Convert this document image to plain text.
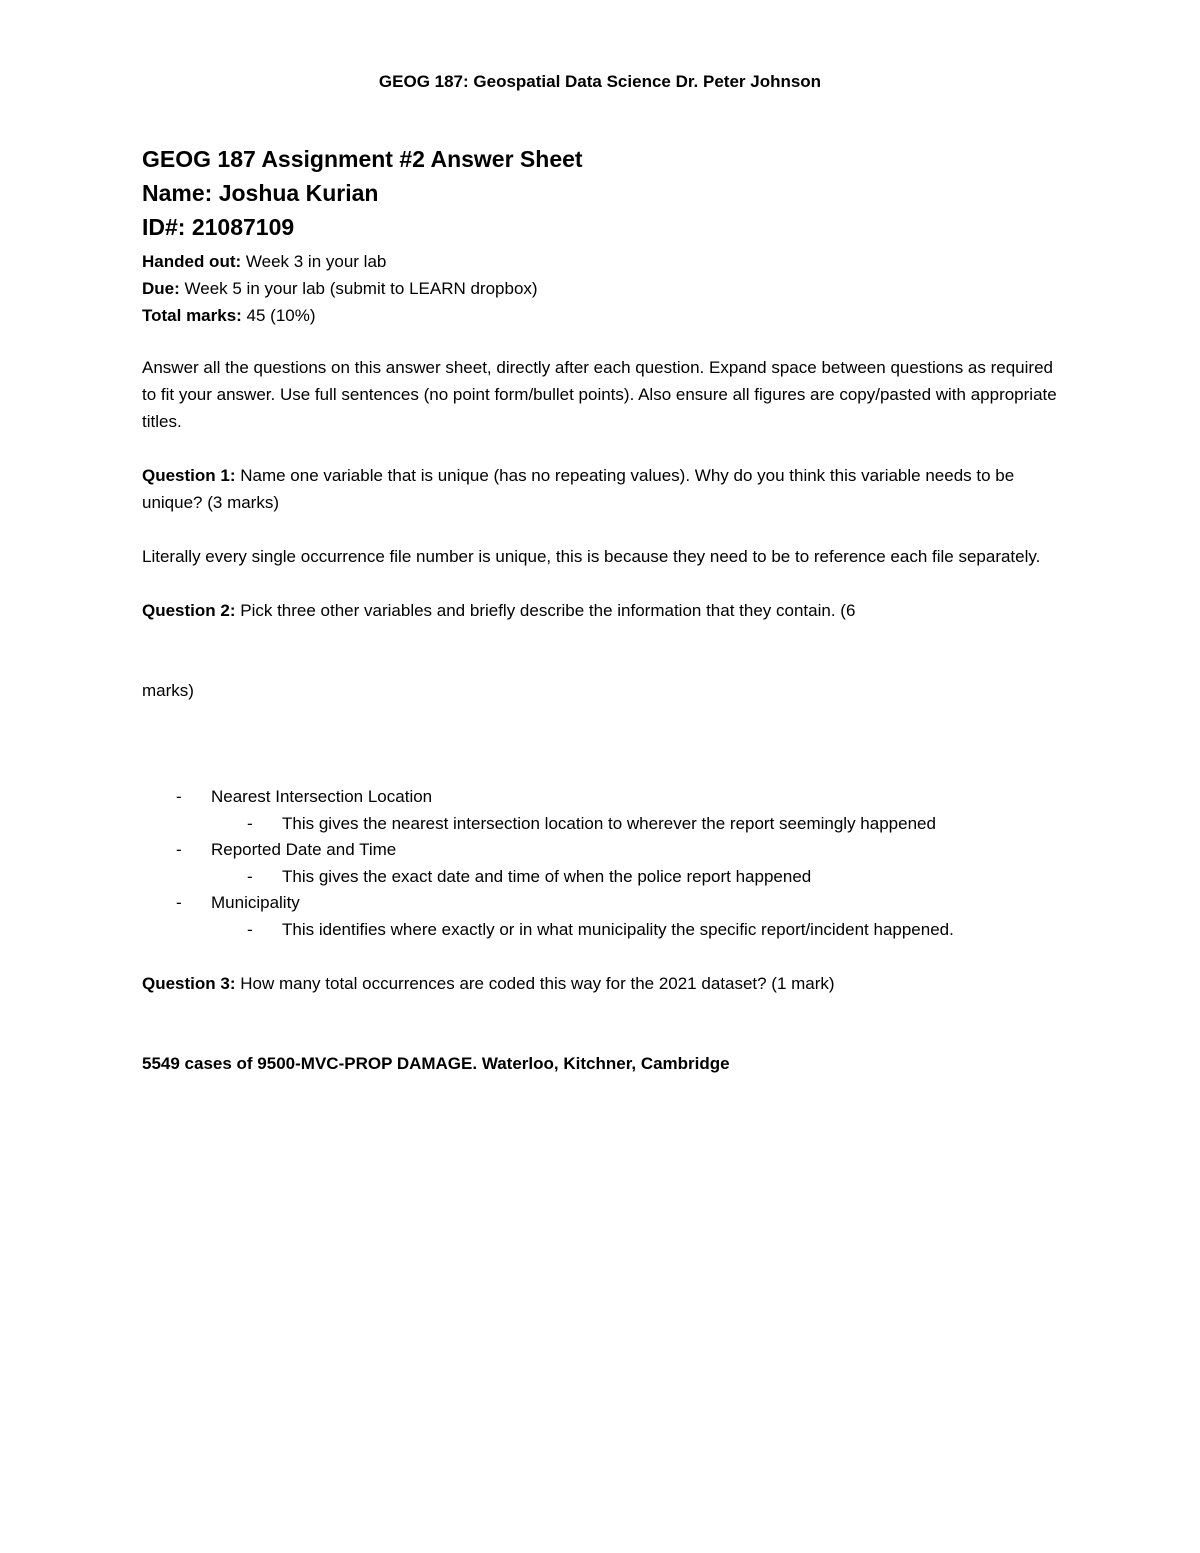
GEOG 187: Geospatial Data Science Dr. Peter Johnson

GEOG 187 Assignment #2 Answer Sheet

Name: Joshua Kurian

ID#: 21087109

Handed out: Week 3 in your lab
Due: Week 5 in your lab (submit to LEARN dropbox)
Total marks: 45 (10%)

Answer all the questions on this answer sheet, directly after each question. Expand space between questions as required to fit your answer. Use full sentences (no point form/bullet points). Also ensure all figures are copy/pasted with appropriate titles.

Question 1: Name one variable that is unique (has no repeating values). Why do you think this variable needs to be unique? (3 marks)

Literally every single occurrence file number is unique, this is because they need to be to reference each file separately.

Question 2: Pick three other variables and briefly describe the information that they contain. (6

marks)

- Nearest Intersection Location
- This gives the nearest intersection location to wherever the report seemingly happened
- Reported Date and Time
- This gives the exact date and time of when the police report happened
- Municipality
- This identifies where exactly or in what municipality the specific report/incident happened.

Question 3: How many total occurrences are coded this way for the 2021 dataset? (1 mark)

5549 cases of 9500-MVC-PROP DAMAGE. Waterloo, Kitchner, Cambridge
